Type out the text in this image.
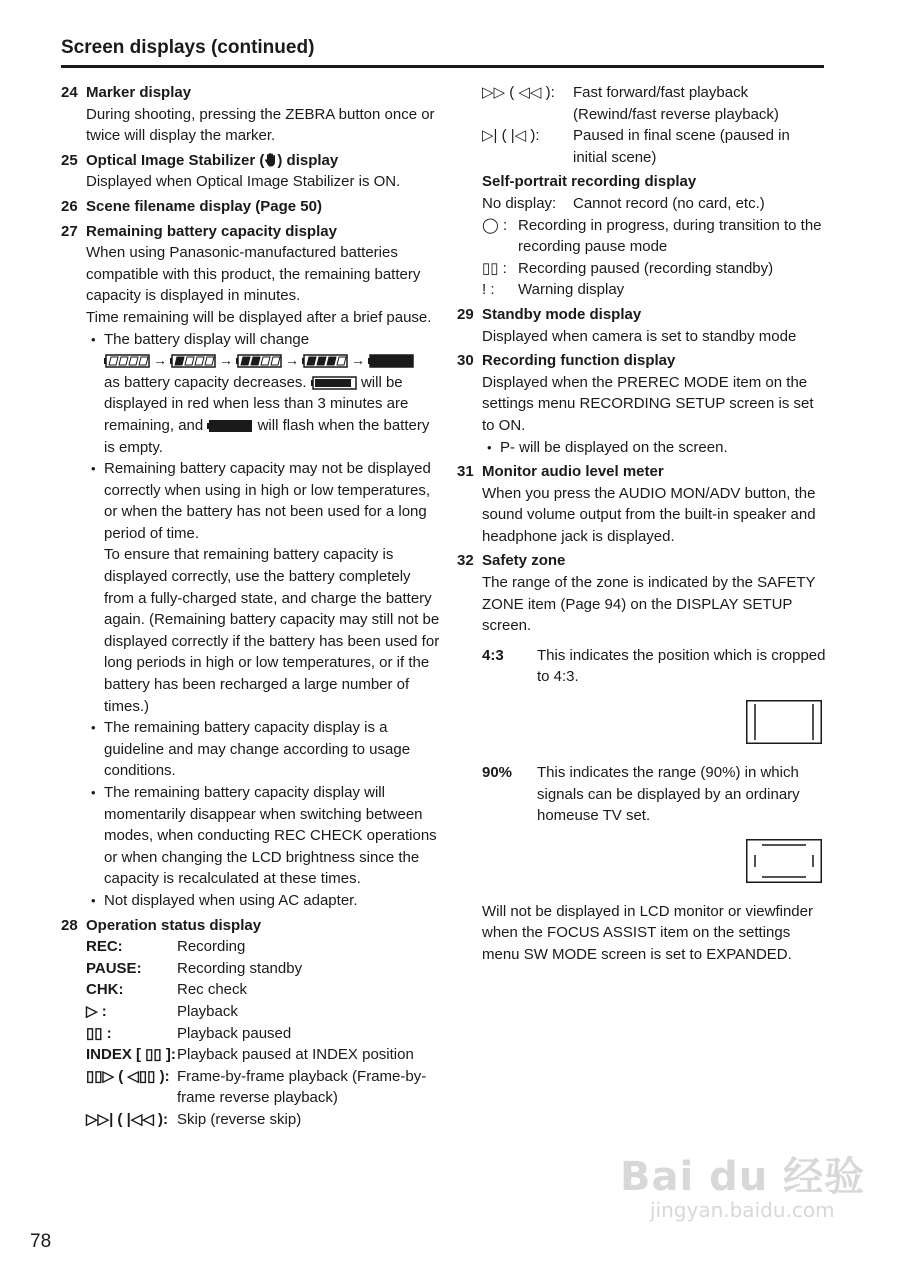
Screen displays (continued)
24 Marker display
During shooting, pressing the ZEBRA button once or twice will display the marker.
25 Optical Image Stabilizer ( ) display
Displayed when Optical Image Stabilizer is ON.
26 Scene filename display (Page 50)
27 Remaining battery capacity display
When using Panasonic-manufactured batteries compatible with this product, the remaining battery capacity is displayed in minutes.
Time remaining will be displayed after a brief pause.
• The battery display will change
→	→	→	→
as battery capacity decreases.	will be displayed in red when less than 3 minutes are remaining, and	will flash when the battery is empty.
• Remaining battery capacity may not be displayed correctly when using in high or low temperatures, or when the battery has not been used for a long period of time.
To ensure that remaining battery capacity is displayed correctly, use the battery completely from a fully-charged state, and charge the battery again. (Remaining battery capacity may still not be displayed correctly if the battery has been used for long periods in high or low temperatures, or if the battery has been recharged a large number of times.)
• The remaining battery capacity display is a guideline and may change according to usage conditions.
• The remaining battery capacity display will momentarily disappear when switching between modes, when conducting REC CHECK operations or when changing the LCD brightness since the capacity is recalculated at these times.
• Not displayed when using AC adapter.
28 Operation status display
REC:	Recording
PAUSE:	Recording standby
CHK:	Rec check
▷ :	Playback
▯▯ :	Playback paused
INDEX [ ▯▯ ]: Playback paused at INDEX position
▯▯▷ ( ◁▯▯ ): Frame-by-frame playback (Frame-by-frame reverse playback)
▷▷| ( |◁◁ ): Skip (reverse skip)
▷▷ ( ◁◁ ):	Fast forward/fast playback (Rewind/fast reverse playback)
▷| ( |◁ ):	Paused in final scene (paused in initial scene)
Self-portrait recording display
No display:	Cannot record (no card, etc.)
◯ : Recording in progress, during transition to the recording pause mode
▯▯ : Recording paused (recording standby)
! :	Warning display
29 Standby mode display
Displayed when camera is set to standby mode
30 Recording function display
Displayed when the PREREC MODE item on the settings menu RECORDING SETUP screen is set to ON.
• P- will be displayed on the screen.
31 Monitor audio level meter
When you press the AUDIO MON/ADV button, the sound volume output from the built-in speaker and headphone jack is displayed.
32 Safety zone
The range of the zone is indicated by the SAFETY ZONE item (Page 94) on the DISPLAY SETUP screen.
4:3	This indicates the position which is cropped to 4:3.
90%	This indicates the range (90%) in which signals can be displayed by an ordinary homeuse TV set.
Will not be displayed in LCD monitor or viewfinder when the FOCUS ASSIST item on the settings menu SW MODE screen is set to EXPANDED.
78
Bai du 经验
jingyan.baidu.com
